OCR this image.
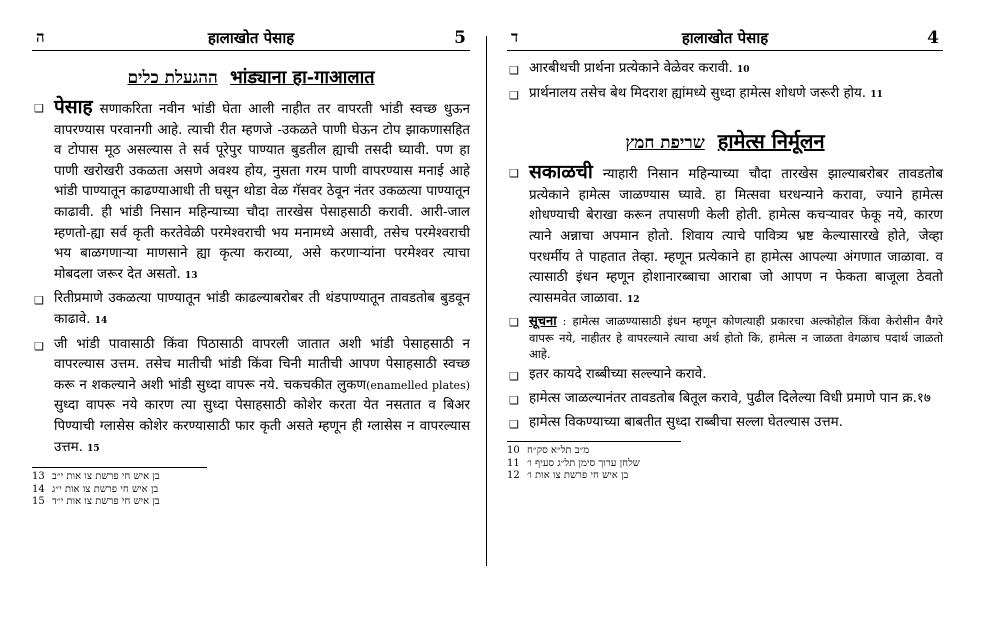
ה	हालाखोत पेसाह	5
ההגעלת כלים भांड्याना हा-गाआलात
❑ पेसाह सणाकरिता नवीन भांडी घेता आली नाहीत तर वापरती भांडी स्वच्छ धुऊन वापरण्यास परवानगी आहे. त्याची रीत म्हणजे -उकळते पाणी घेऊन टोप झाकणासहित व टोपास मूठ असल्यास ते सर्व पूरेपुर पाण्यात बुडतील ह्याची तसदी घ्यावी. पण हा पाणी खरोखरी उकळता असणे अवश्य होय, नुसता गरम पाणी वापरण्यास मनाई आहे भांडी पाण्यातून काढण्याआधी ती घसून थोडा वेळ गॅसवर ठेवून नंतर उकळत्या पाण्यातून काढावी. ही भांडी निसान महिन्याच्या चौदा तारखेस पेसाहसाठी करावी. आरी-जाल म्हणतो-ह्या सर्व कृती करतेवेळी परमेश्वराची भय मनामध्ये असावी, तसेच परमेश्वराची भय बाळगणाऱ्या माणसाने ह्या कृत्या कराव्या, असे करणाऱ्यांना परमेश्वर त्याचा मोबदला जरूर देत असतो. 13
❑ रितीप्रमाणे उकळत्या पाण्यातून भांडी काढल्याबरोबर ती थंडपाण्यातून तावडतोब बुडवून काढावे. 14
❑ जी भांडी पावासाठी किंवा पिठासाठी वापरली जातात अशी भांडी पेसाहसाठी न वापरल्यास उत्तम. तसेच मातीची भांडी किंवा चिनी मातीची आपण पेसाहसाठी स्वच्छ करू न शकल्याने अशी भांडी सुध्दा वापरू नये. चकचकीत लुकण(enamelled plates) सुध्दा वापरू नये कारण त्या सुध्दा पेसाहसाठी कोशेर करता येत नसतात व बिअर पिण्याची ग्लासेस कोशेर करण्यासाठी फार कृती असते म्हणून ही ग्लासेस न वापरल्यास उत्तम. 15
13 בן איש חי פרשת צו אות י״ב
14 בן איש חי פרשת צו אות י״ג
15 בן איש חי פרשת צו אות י״ד
ד	हालाखोत पेसाह	4
❑ आरबीथची प्रार्थना प्रत्येकाने वेळेवर करावी. 10
❑ प्रार्थनालय तसेच बेथ मिदराश ह्यांमध्ये सुध्दा हामेत्स शोधणे जरूरी होय. 11
שריפת חמץ हामेत्स निर्मूलन
❑ सकाळची न्याहारी निसान महिन्याच्या चौदा तारखेस झाल्याबरोबर तावडतोब प्रत्येकाने हामेत्स जाळण्यास घ्यावे. हा मित्सवा घरधन्याने करावा, ज्याने हामेत्स शोधण्याची बेराखा करून तपासणी केली होती. हामेत्स कचऱ्यावर फेकू नये, कारण त्याने अन्नाचा अपमान होतो. शिवाय त्याचे पावित्र्य भ्रष्ट केल्यासारखे होते, जेव्हा परधर्मीय ते पाहतात तेव्हा. म्हणून प्रत्येकाने हा हामेत्स आपल्या अंगणात जाळावा. व त्यासाठी इंधन म्हणून होशानारब्बाचा आराबा जो आपण न फेकता बाजूला ठेवतो त्यासमवेत जाळावा. 12
❑ सूचना : हामेत्स जाळण्यासाठी इंधन म्हणून कोणत्याही प्रकारचा अल्कोहोल किंवा केरोसीन वैगरे वापरू नये, नाहीतर हे वापरल्याने त्याचा अर्थ होतो कि, हामेत्स न जाळता वेगळाच पदार्थ जाळतो आहे.
❑ इतर कायदे राब्बीच्या सल्ल्याने करावे.
❑ हामेत्स जाळल्यानंतर तावडतोब बितूल करावे, पुढील दिलेल्या विधी प्रमाणे पान क्र.१७
❑ हामेत्स विकण्याच्या बाबतीत सुध्दा राब्बीचा सल्ला घेतल्यास उत्तम.
10 מ״ב תל״א סק״ח
11 שלחן ערוך סימן תל״ג סעיף ו׳
12 בן איש חי פרשת צו אות ו׳
